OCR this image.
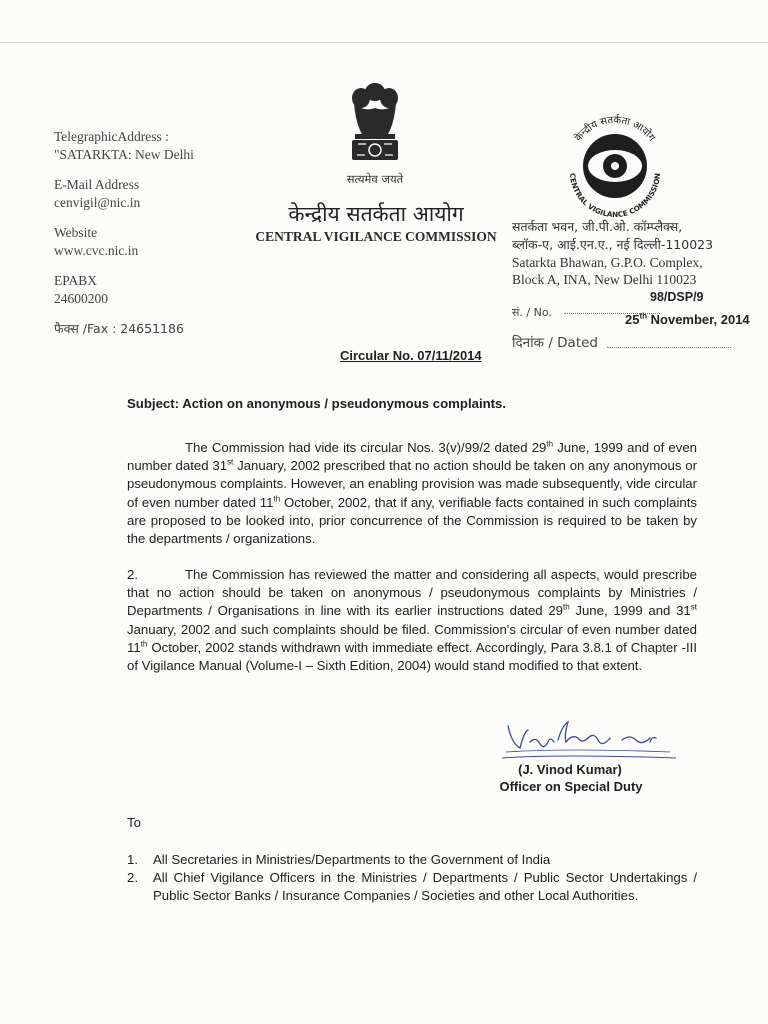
TelegraphicAddress :
"SATARKTA: New Delhi
E-Mail Address
cenvigil@nic.in
Website
www.cvc.nic.in
EPABX
24600200
फैक्स /Fax : 24651186
सत्यमेव जयते
केन्द्रीय सतर्कता आयोग
CENTRAL VIGILANCE COMMISSION
केन्द्रीय सतर्कता आयोग
CENTRAL VIGILANCE COMMISSION
सतर्कता भवन, जी.पी.ओ. कॉम्प्लैक्स,
ब्लॉक-ए, आई.एन.ए., नई दिल्ली-110023
Satarkta Bhawan, G.P.O. Complex,
Block A, INA, New Delhi 110023
सं. / No.
98/DSP/9
25th November, 2014
दिनांक / Dated
Circular No. 07/11/2014
Subject: Action on anonymous / pseudonymous complaints.
The Commission had vide its circular Nos. 3(v)/99/2 dated 29th June, 1999 and of even number dated 31st January, 2002 prescribed that no action should be taken on any anonymous or pseudonymous complaints. However, an enabling provision was made subsequently, vide circular of even number dated 11th October, 2002, that if any, verifiable facts contained in such complaints are proposed to be looked into, prior concurrence of the Commission is required to be taken by the departments / organizations.
2.	The Commission has reviewed the matter and considering all aspects, would prescribe that no action should be taken on anonymous / pseudonymous complaints by Ministries / Departments / Organisations in line with its earlier instructions dated 29th June, 1999 and 31st January, 2002 and such complaints should be filed. Commission's circular of even number dated 11th October, 2002 stands withdrawn with immediate effect. Accordingly, Para 3.8.1 of Chapter -III of Vigilance Manual (Volume-I – Sixth Edition, 2004) would stand modified to that extent.
(J. Vinod Kumar)
Officer on Special Duty
To
1.	All Secretaries in Ministries/Departments to the Government of India
2.	All Chief Vigilance Officers in the Ministries / Departments / Public Sector Undertakings / Public Sector Banks / Insurance Companies / Societies and other Local Authorities.
